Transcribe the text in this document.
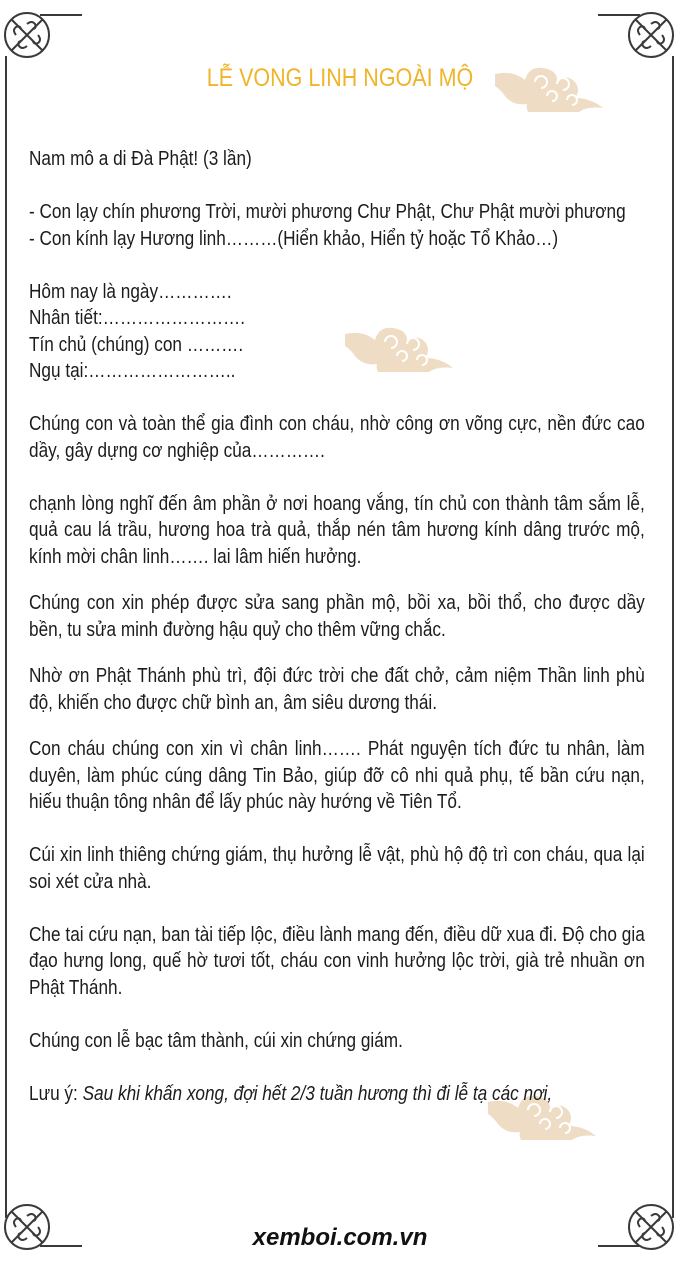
LỄ VONG LINH NGOÀI MỘ

Nam mô a di Đà Phật! (3 lần)

- Con lạy chín phương Trời, mười phương Chư Phật, Chư Phật mười phương

- Con kính lạy Hương linh………(Hiển khảo, Hiển tỷ hoặc Tổ Khảo…)

Hôm nay là ngày………….

Nhân tiết:…………………….

Tín chủ (chúng) con ……….

Ngụ tại:……………………..

Chúng con và toàn thể gia đình con cháu, nhờ công ơn võng cực, nền đức cao dầy, gây dựng cơ nghiệp của………….

chạnh lòng nghĩ đến âm phần ở nơi hoang vắng, tín chủ con thành tâm sắm lễ, quả cau lá trầu, hương hoa trà quả, thắp nén tâm hương kính dâng trước mộ, kính mời chân linh……. lai lâm hiến hưởng.

Chúng con xin phép được sửa sang phần mộ, bồi xa, bồi thổ, cho được dầy bền, tu sửa minh đường hậu quỷ cho thêm vững chắc.

Nhờ ơn Phật Thánh phù trì, đội đức trời che đất chở, cảm niệm Thần linh phù độ, khiến cho được chữ bình an, âm siêu dương thái.

Con cháu chúng con xin vì chân linh……. Phát nguyện tích đức tu nhân, làm duyên, làm phúc cúng dâng Tin Bảo, giúp đỡ cô nhi quả phụ, tế bần cứu nạn, hiếu thuận tông nhân để lấy phúc này hướng về Tiên Tổ.

Cúi xin linh thiêng chứng giám, thụ hưởng lễ vật, phù hộ độ trì con cháu, qua lại soi xét cửa nhà.

Che tai cứu nạn, ban tài tiếp lộc, điều lành mang đến, điều dữ xua đi. Độ cho gia đạo hưng long, quế hờ tươi tốt, cháu con vinh hưởng lộc trời, già trẻ nhuần ơn Phật Thánh.

Chúng con lễ bạc tâm thành, cúi xin chứng giám.

Lưu ý: Sau khi khấn xong, đợi hết 2/3 tuần hương thì đi lễ tạ các nơi,

xemboi.com.vn
